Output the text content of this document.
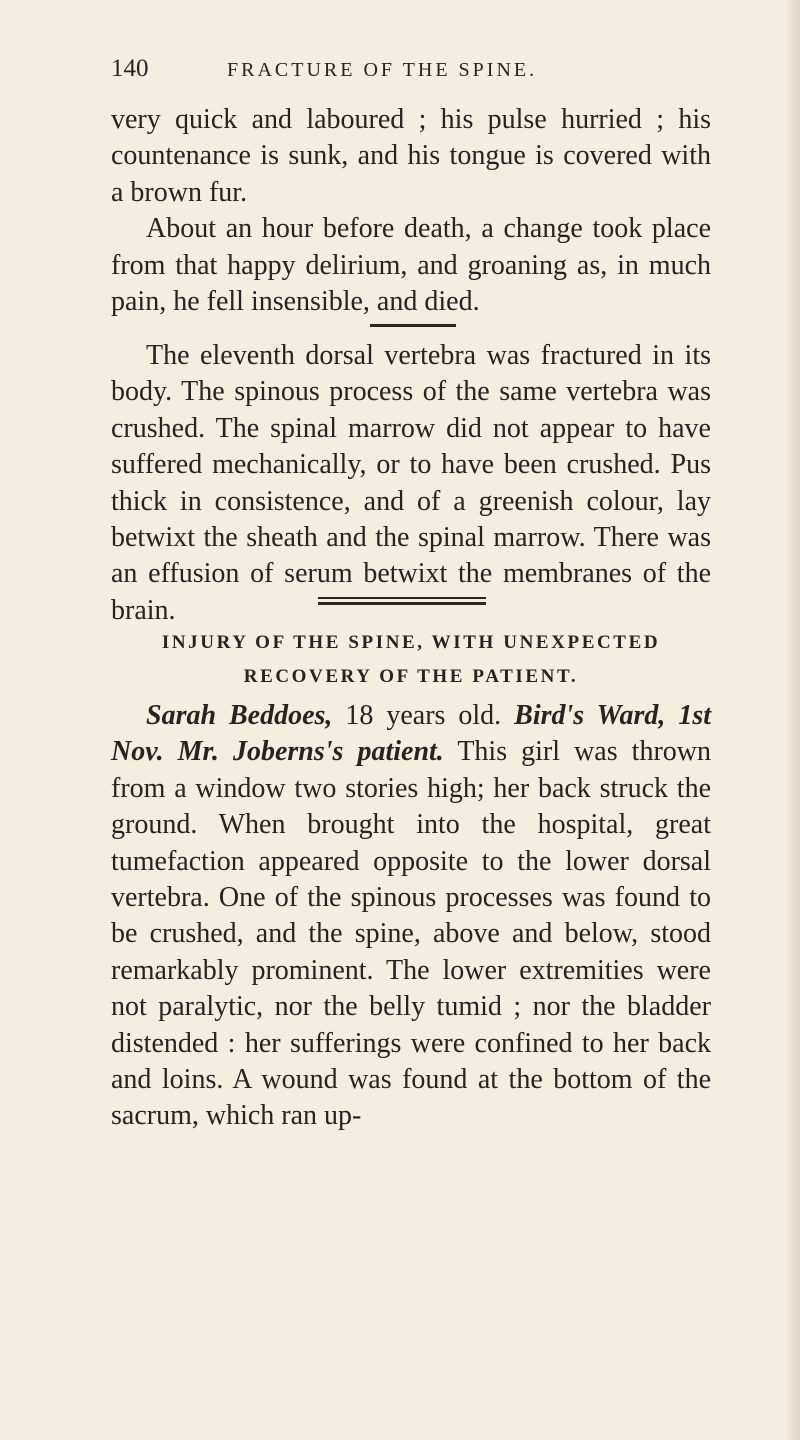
140	FRACTURE OF THE SPINE.

very quick and laboured ; his pulse hurried ; his countenance is sunk, and his tongue is covered with a brown fur.

About an hour before death, a change took place from that happy delirium, and groaning as, in much pain, he fell insensible, and died.

The eleventh dorsal vertebra was fractured in its body. The spinous process of the same vertebra was crushed. The spinal marrow did not appear to have suffered mechanically, or to have been crushed. Pus thick in consistence, and of a greenish colour, lay betwixt the sheath and the spinal marrow. There was an effusion of serum betwixt the membranes of the brain.

INJURY OF THE SPINE, WITH UNEXPECTED
RECOVERY OF THE PATIENT.

Sarah Beddoes, 18 years old. Bird's Ward, 1st Nov. Mr. Joberns's patient. This girl was thrown from a window two stories high; her back struck the ground. When brought into the hospital, great tumefaction appeared opposite to the lower dorsal vertebra. One of the spinous processes was found to be crushed, and the spine, above and below, stood remarkably prominent. The lower extremities were not paralytic, nor the belly tumid ; nor the bladder distended : her sufferings were confined to her back and loins. A wound was found at the bottom of the sacrum, which ran up-
